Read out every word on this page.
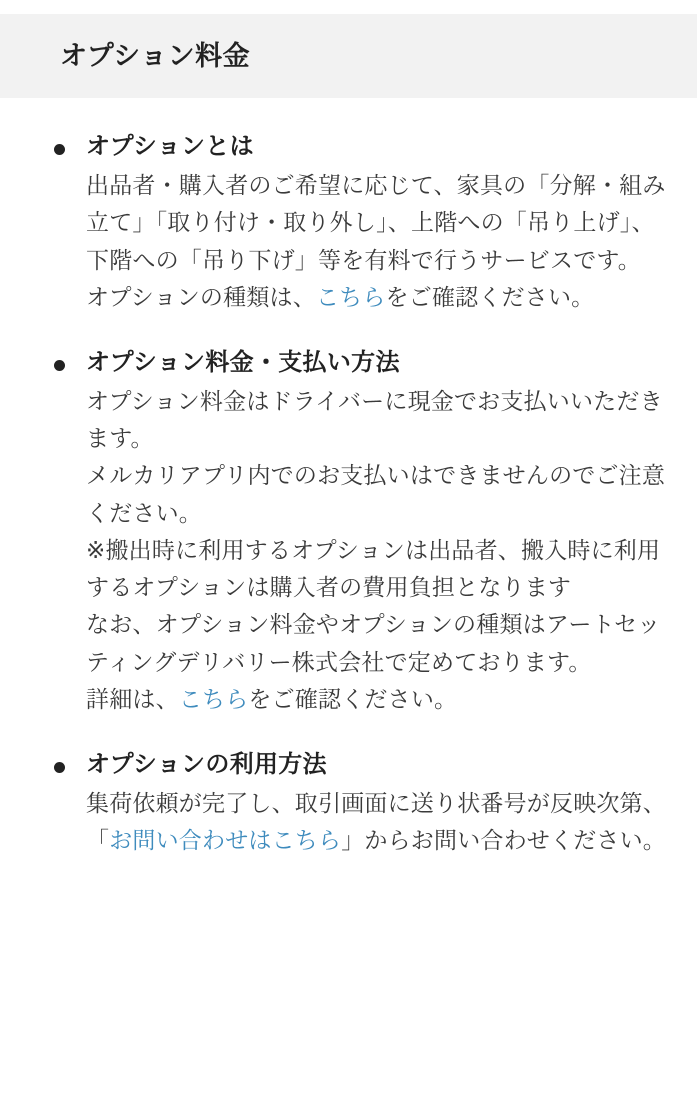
オプション料金
オプションとは

出品者・購入者のご希望に応じて、家具の「分解・組み立て」「取り付け・取り外し」、上階への「吊り上げ」、下階への「吊り下げ」等を有料で行うサービスです。

オプションの種類は、こちらをご確認ください。

オプション料金・支払い方法

オプション料金はドライバーに現金でお支払いいただきます。

メルカリアプリ内でのお支払いはできませんのでご注意ください。

※搬出時に利用するオプションは出品者、搬入時に利用するオプションは購入者の費用負担となります

なお、オプション料金やオプションの種類はアートセッティングデリバリー株式会社で定めております。

詳細は、こちらをご確認ください。

オプションの利用方法

集荷依頼が完了し、取引画面に送り状番号が反映次第、「お問い合わせはこちら」からお問い合わせください。
